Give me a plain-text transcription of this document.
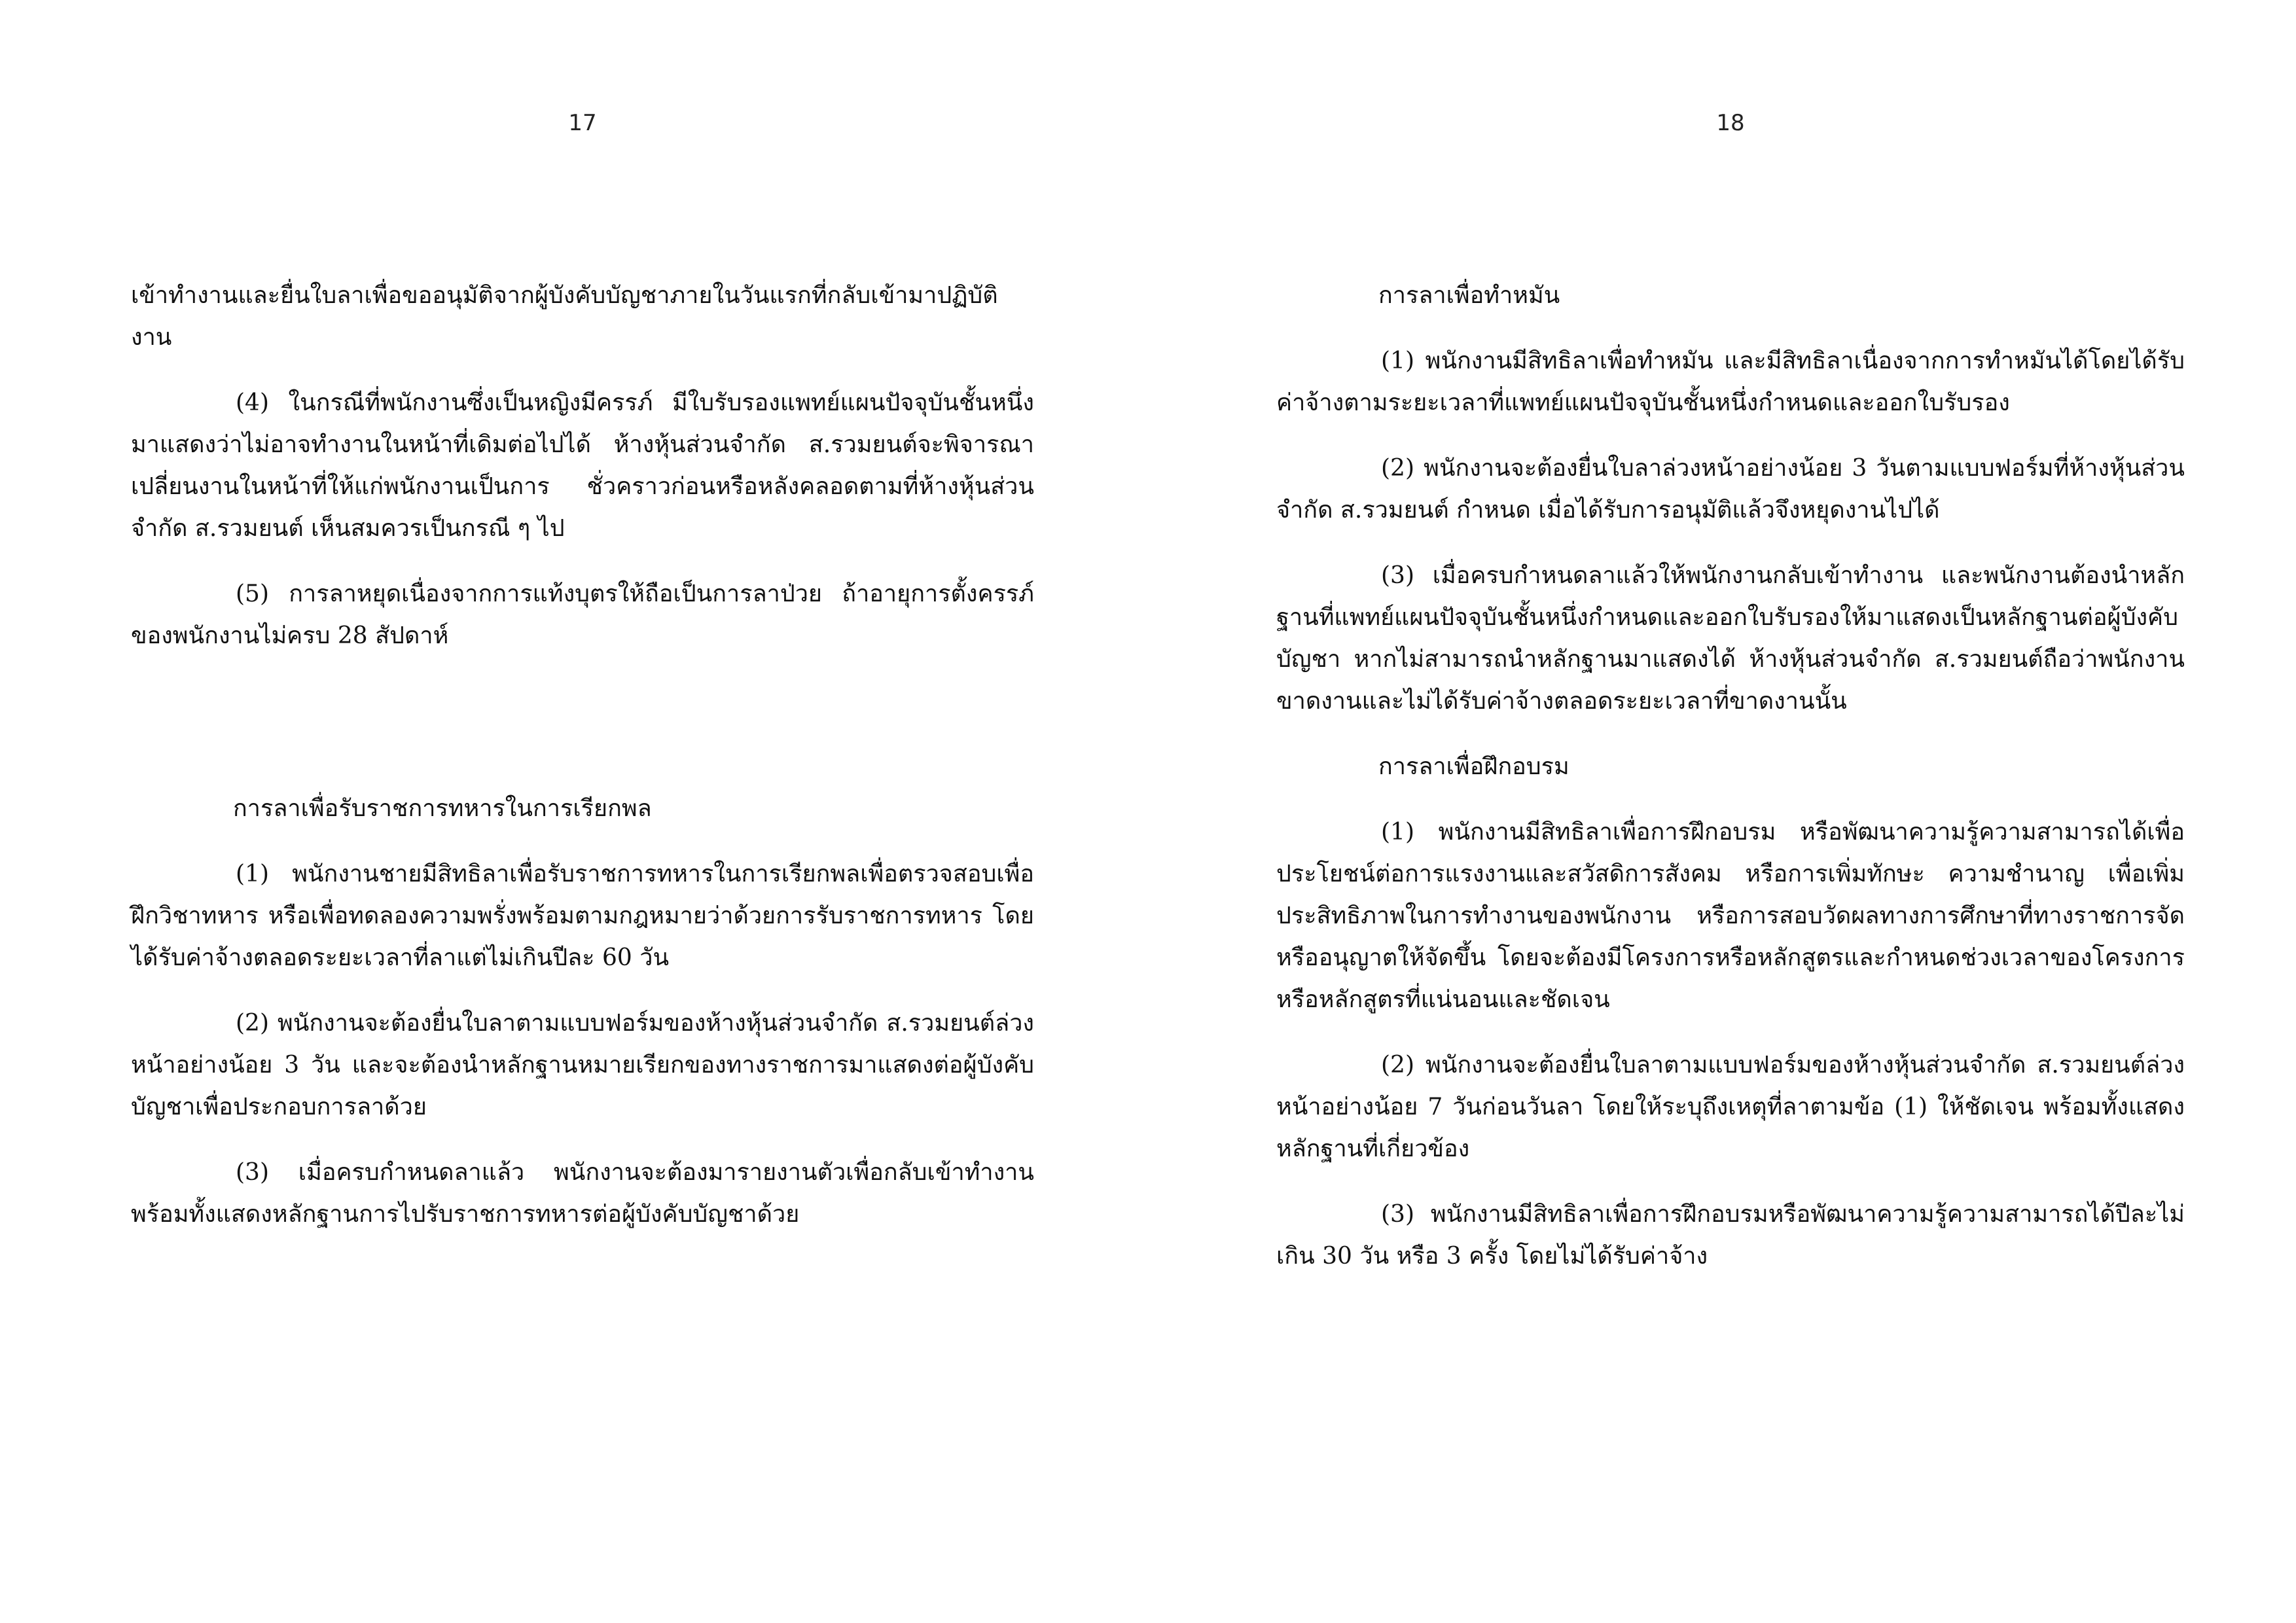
17

เข้าทำงานและยื่นใบลาเพื่อขออนุมัติจากผู้บังคับบัญชาภายในวันแรกที่กลับเข้ามาปฏิบัติงาน

(4) ในกรณีที่พนักงานซึ่งเป็นหญิงมีครรภ์ มีใบรับรองแพทย์แผนปัจจุบันชั้นหนึ่งมาแสดงว่าไม่อาจทำงานในหน้าที่เดิมต่อไปได้ ห้างหุ้นส่วนจำกัด ส.รวมยนต์จะพิจารณาเปลี่ยนงานในหน้าที่ให้แก่พนักงานเป็นการ ชั่วคราวก่อนหรือหลังคลอดตามที่ห้างหุ้นส่วนจำกัด ส.รวมยนต์ เห็นสมควรเป็นกรณี ๆ ไป

(5) การลาหยุดเนื่องจากการแท้งบุตรให้ถือเป็นการลาป่วย ถ้าอายุการตั้งครรภ์ของพนักงานไม่ครบ 28 สัปดาห์

การลาเพื่อรับราชการทหารในการเรียกพล

(1) พนักงานชายมีสิทธิลาเพื่อรับราชการทหารในการเรียกพลเพื่อตรวจสอบเพื่อฝึกวิชาทหาร หรือเพื่อทดลองความพรั่งพร้อมตามกฎหมายว่าด้วยการรับราชการทหาร โดยได้รับค่าจ้างตลอดระยะเวลาที่ลาแต่ไม่เกินปีละ 60 วัน

(2) พนักงานจะต้องยื่นใบลาตามแบบฟอร์มของห้างหุ้นส่วนจำกัด ส.รวมยนต์ล่วงหน้าอย่างน้อย 3 วัน และจะต้องนำหลักฐานหมายเรียกของทางราชการมาแสดงต่อผู้บังคับบัญชาเพื่อประกอบการลาด้วย

(3) เมื่อครบกำหนดลาแล้ว พนักงานจะต้องมารายงานตัวเพื่อกลับเข้าทำงานพร้อมทั้งแสดงหลักฐานการไปรับราชการทหารต่อผู้บังคับบัญชาด้วย

18

การลาเพื่อทำหมัน

(1) พนักงานมีสิทธิลาเพื่อทำหมัน และมีสิทธิลาเนื่องจากการทำหมันได้โดยได้รับค่าจ้างตามระยะเวลาที่แพทย์แผนปัจจุบันชั้นหนึ่งกำหนดและออกใบรับรอง

(2) พนักงานจะต้องยื่นใบลาล่วงหน้าอย่างน้อย 3 วันตามแบบฟอร์มที่ห้างหุ้นส่วนจำกัด ส.รวมยนต์ กำหนด เมื่อได้รับการอนุมัติแล้วจึงหยุดงานไปได้

(3) เมื่อครบกำหนดลาแล้วให้พนักงานกลับเข้าทำงาน และพนักงานต้องนำหลักฐานที่แพทย์แผนปัจจุบันชั้นหนึ่งกำหนดและออกใบรับรองให้มาแสดงเป็นหลักฐานต่อผู้บังคับบัญชา หากไม่สามารถนำหลักฐานมาแสดงได้ ห้างหุ้นส่วนจำกัด ส.รวมยนต์ถือว่าพนักงานขาดงานและไม่ได้รับค่าจ้างตลอดระยะเวลาที่ขาดงานนั้น

การลาเพื่อฝึกอบรม

(1) พนักงานมีสิทธิลาเพื่อการฝึกอบรม หรือพัฒนาความรู้ความสามารถได้เพื่อประโยชน์ต่อการแรงงานและสวัสดิการสังคม หรือการเพิ่มทักษะ ความชำนาญ เพื่อเพิ่มประสิทธิภาพในการทำงานของพนักงาน หรือการสอบวัดผลทางการศึกษาที่ทางราชการจัดหรืออนุญาตให้จัดขึ้น โดยจะต้องมีโครงการหรือหลักสูตรและกำหนดช่วงเวลาของโครงการหรือหลักสูตรที่แน่นอนและชัดเจน

(2) พนักงานจะต้องยื่นใบลาตามแบบฟอร์มของห้างหุ้นส่วนจำกัด ส.รวมยนต์ล่วงหน้าอย่างน้อย 7 วันก่อนวันลา โดยให้ระบุถึงเหตุที่ลาตามข้อ (1) ให้ชัดเจน พร้อมทั้งแสดงหลักฐานที่เกี่ยวข้อง

(3) พนักงานมีสิทธิลาเพื่อการฝึกอบรมหรือพัฒนาความรู้ความสามารถได้ปีละไม่เกิน 30 วัน หรือ 3 ครั้ง โดยไม่ได้รับค่าจ้าง
